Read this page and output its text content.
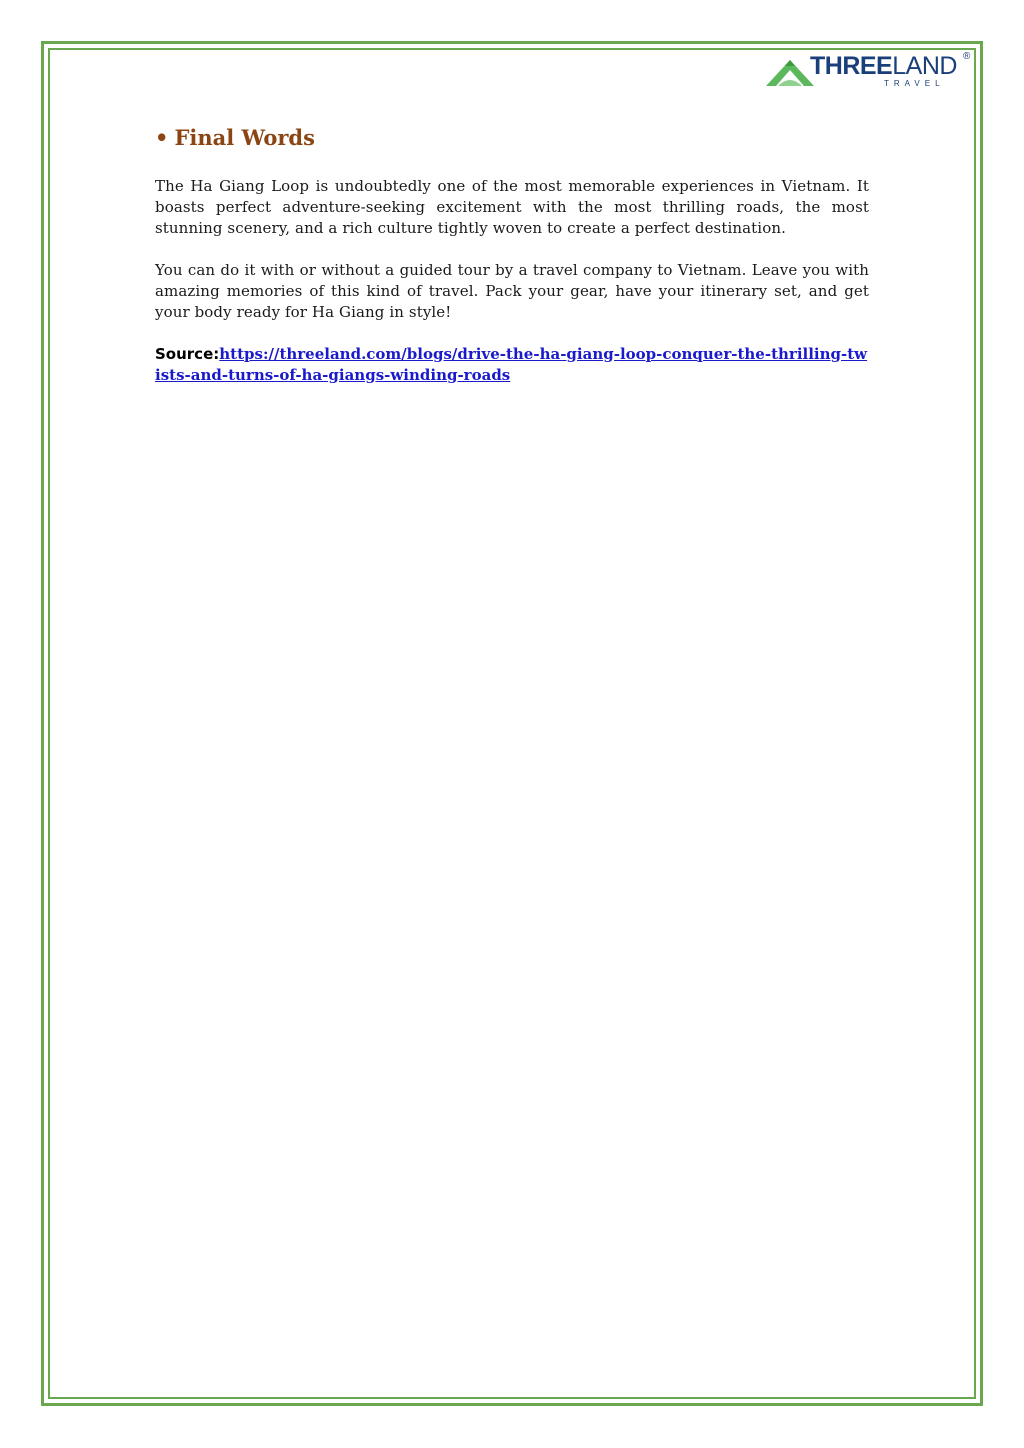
THREELAND ®
TRAVEL
• Final Words

The Ha Giang Loop is undoubtedly one of the most memorable experiences in Vietnam. It boasts perfect adventure-seeking excitement with the most thrilling roads, the most stunning scenery, and a rich culture tightly woven to create a perfect destination.

You can do it with or without a guided tour by a travel company to Vietnam. Leave you with amazing memories of this kind of travel. Pack your gear, have your itinerary set, and get your body ready for Ha Giang in style!

Source:https://threeland.com/blogs/drive-the-ha-giang-loop-conquer-the-thrilling-twists-and-turns-of-ha-giangs-winding-roads
